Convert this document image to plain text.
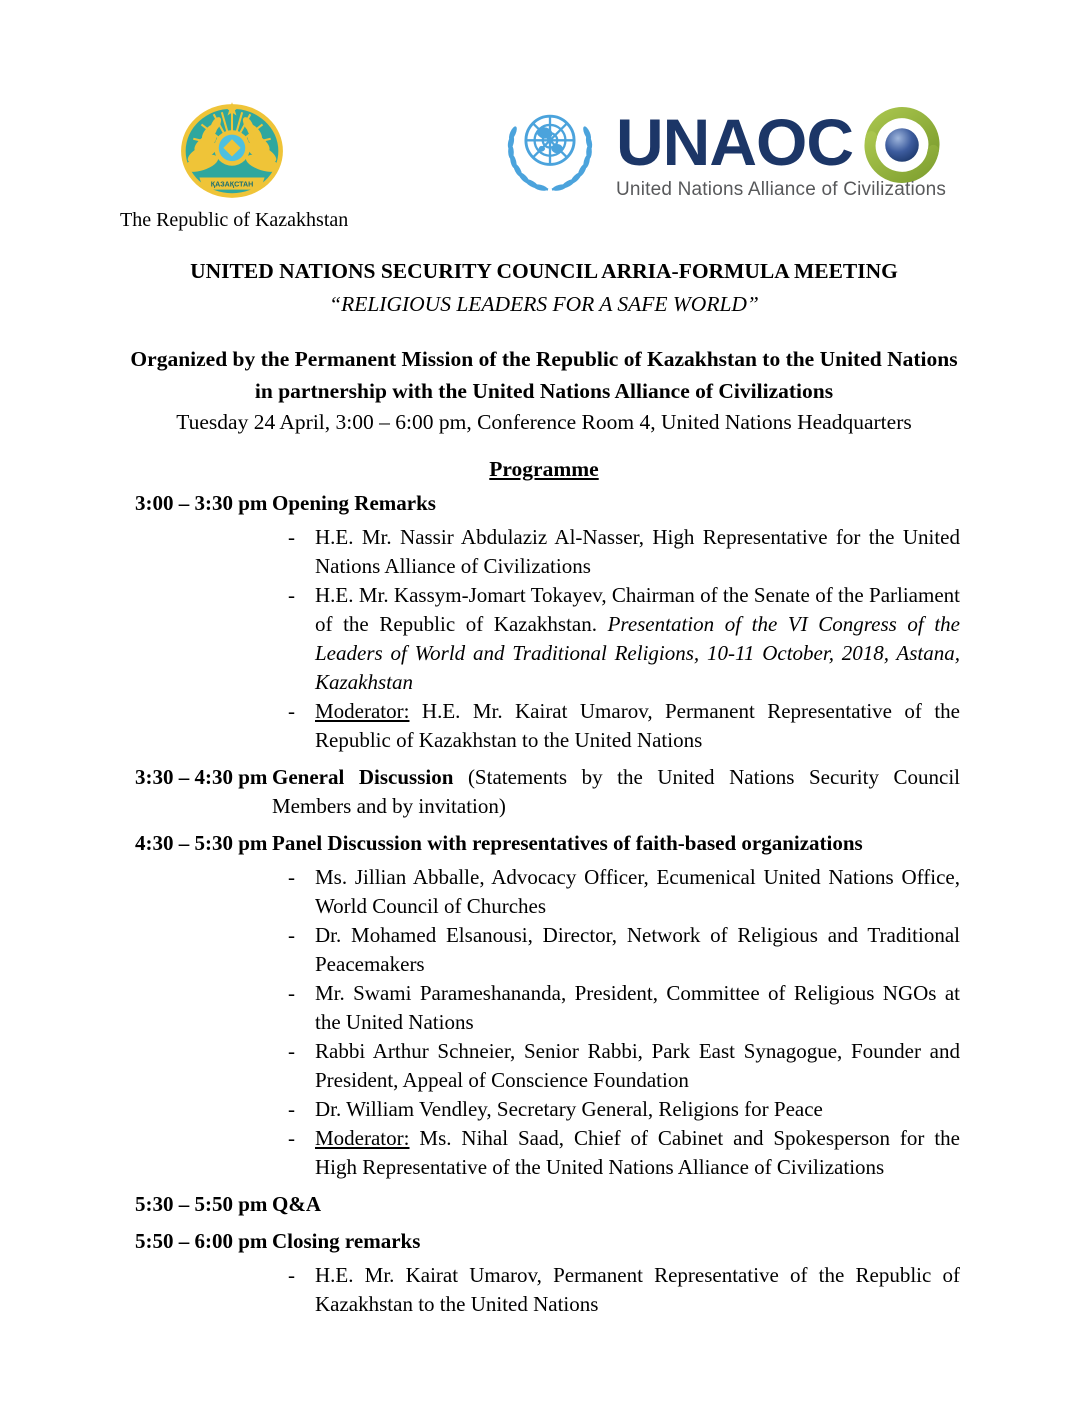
ҚАЗАҚСТАН
The Republic of Kazakhstan
UNAOC
United Nations Alliance of Civilizations
UNITED NATIONS SECURITY COUNCIL ARRIA-FORMULA MEETING
“RELIGIOUS LEADERS FOR A SAFE WORLD”
Organized by the Permanent Mission of the Republic of Kazakhstan to the United Nations
in partnership with the United Nations Alliance of Civilizations
Tuesday 24 April, 3:00 – 6:00 pm, Conference Room 4, United Nations Headquarters
Programme
3:00 – 3:30 pm Opening Remarks

- H.E. Mr. Nassir Abdulaziz Al-Nasser, High Representative for the United Nations Alliance of Civilizations
- H.E. Mr. Kassym-Jomart Tokayev, Chairman of the Senate of the Parliament of the Republic of Kazakhstan. Presentation of the VI Congress of the Leaders of World and Traditional Religions, 10-11 October, 2018, Astana, Kazakhstan
- Moderator: H.E. Mr. Kairat Umarov, Permanent Representative of the Republic of Kazakhstan to the United Nations
3:30 – 4:30 pm General Discussion (Statements by the United Nations Security Council Members and by invitation)

4:30 – 5:30 pm Panel Discussion with representatives of faith-based organizations

- Ms. Jillian Abballe, Advocacy Officer, Ecumenical United Nations Office, World Council of Churches
- Dr. Mohamed Elsanousi, Director, Network of Religious and Traditional Peacemakers
- Mr. Swami Parameshananda, President, Committee of Religious NGOs at the United Nations
- Rabbi Arthur Schneier, Senior Rabbi, Park East Synagogue, Founder and President, Appeal of Conscience Foundation
- Dr. William Vendley, Secretary General, Religions for Peace
- Moderator: Ms. Nihal Saad, Chief of Cabinet and Spokesperson for the High Representative of the United Nations Alliance of Civilizations
5:30 – 5:50 pm Q&A

5:50 – 6:00 pm Closing remarks

- H.E. Mr. Kairat Umarov, Permanent Representative of the Republic of Kazakhstan to the United Nations
